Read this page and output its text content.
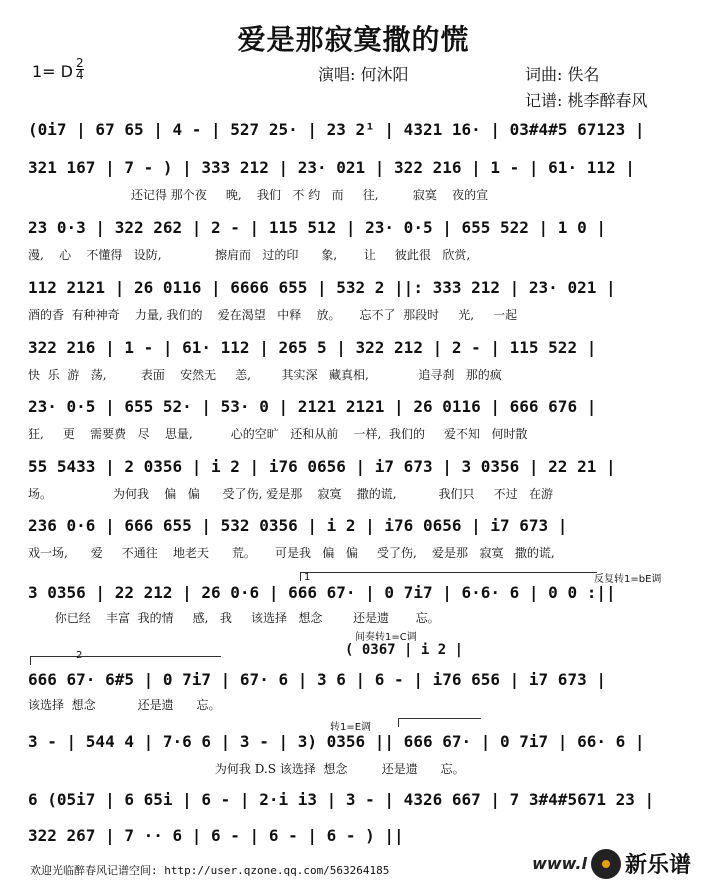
爱是那寂寞撒的慌
1= D 2
4	演唱: 何沐阳	词曲: 佚名
记谱: 桃李醉春风
(0i7 | 67 65 | 4 - | 527 25· | 23 2¹ | 4321 16· | 03#4#5 67123 |
321 167 | 7 - ) | 333 212 | 23· 021 | 322 216 | 1 - | 61· 112 |
还记得 那个夜     晚,    我们   不 约   而     往,         寂寞    夜的宣
23 0·3 | 322 262 | 2 - | 115 512 | 23· 0·5 | 655 522 | 1 0 |
漫,    心    不懂得   设防,              擦肩而   过的印      象,       让     彼此很   欣赏,
112 2121 | 26 0116 | 6666 655 | 532 2 ||: 333 212 | 23· 021 |
酒的香  有种神奇    力量, 我们的    爱在渴望   中释    放。     忘不了  那段时     光,     一起
322 216 | 1 - | 61· 112 | 265 5 | 322 212 | 2 - | 115 522 |
快  乐  游   荡,         表面    安然无     恙,        其实深   藏真相,             追寻刹   那的疯
23· 0·5 | 655 52· | 53· 0 | 2121 2121 | 26 0116 | 666 676 |
狂,     更    需要费   尽    思量,          心的空旷   还和从前    一样,  我们的     爱不知   何时散
55 5433 | 2 0356 | i 2 | i76 0656 | i7 673 | 3 0356 | 22 21 |
场。                为何我    偏   偏      受了伤, 爱是那    寂寞    撒的谎,           我们只     不过   在游
236 0·6 | 666 655 | 532 0356 | i 2 | i76 0656 | i7 673 |
戏一场,      爱     不通往    地老天      荒。     可是我   偏   偏     受了伤,    爱是那   寂寞   撒的谎,
3 0356 | 22 212 | 26 0·6 | 666 67· | 0 7i7 | 6·6· 6 | 0 0 :||
你已经    丰富  我的情     感,   我     该选择   想念        还是遗       忘。
反复转1=bE调
1
间奏转1=C调
( 0367 | i 2 |
2
666 67· 6#5 | 0 7i7 | 67· 6 | 3 6 | 6 - | i76 656 | i7 673 |
该选择  想念           还是遗      忘。
转1=E调
3 - | 544 4 | 7·6 6 | 3 - | 3) 0356 || 666 67· | 0 7i7 | 66· 6 |
为何我 D.S 该选择  想念         还是遗      忘。
6 (05i7 | 6 65i | 6 - | 2·i i3 | 3 - | 4326 667 | 7 3#4#5671 23 |
322 267 | 7 ·· 6 | 6 - | 6 - | 6 - ) ||
欢迎光临醉春风记谱空间: http://user.qzone.qq.com/563264185	www.l 新乐谱
